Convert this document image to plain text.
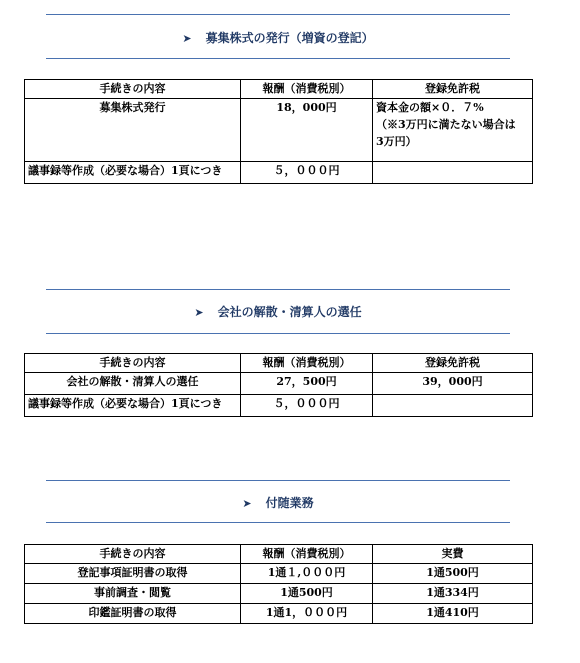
➤ 募集株式の発行（増資の登記）
手続きの内容	報酬（消費税別）	登録免許税
募集株式発行	18，000円	資本金の額×０．７%
（※3万円に満たない場合は
3万円）

議事録等作成（必要な場合）1頁につき	５，０００円	
➤ 会社の解散・清算人の選任
手続きの内容	報酬（消費税別）	登録免許税
会社の解散・清算人の選任	27，500円	39，000円
議事録等作成（必要な場合）1頁につき	５，０００円	
➤ 付随業務
手続きの内容	報酬（消費税別）	実費
登記事項証明書の取得	1通１,０００円	1通500円
事前調査・閲覧	1通500円	1通334円
印鑑証明書の取得	1通1，０００円	1通410円
